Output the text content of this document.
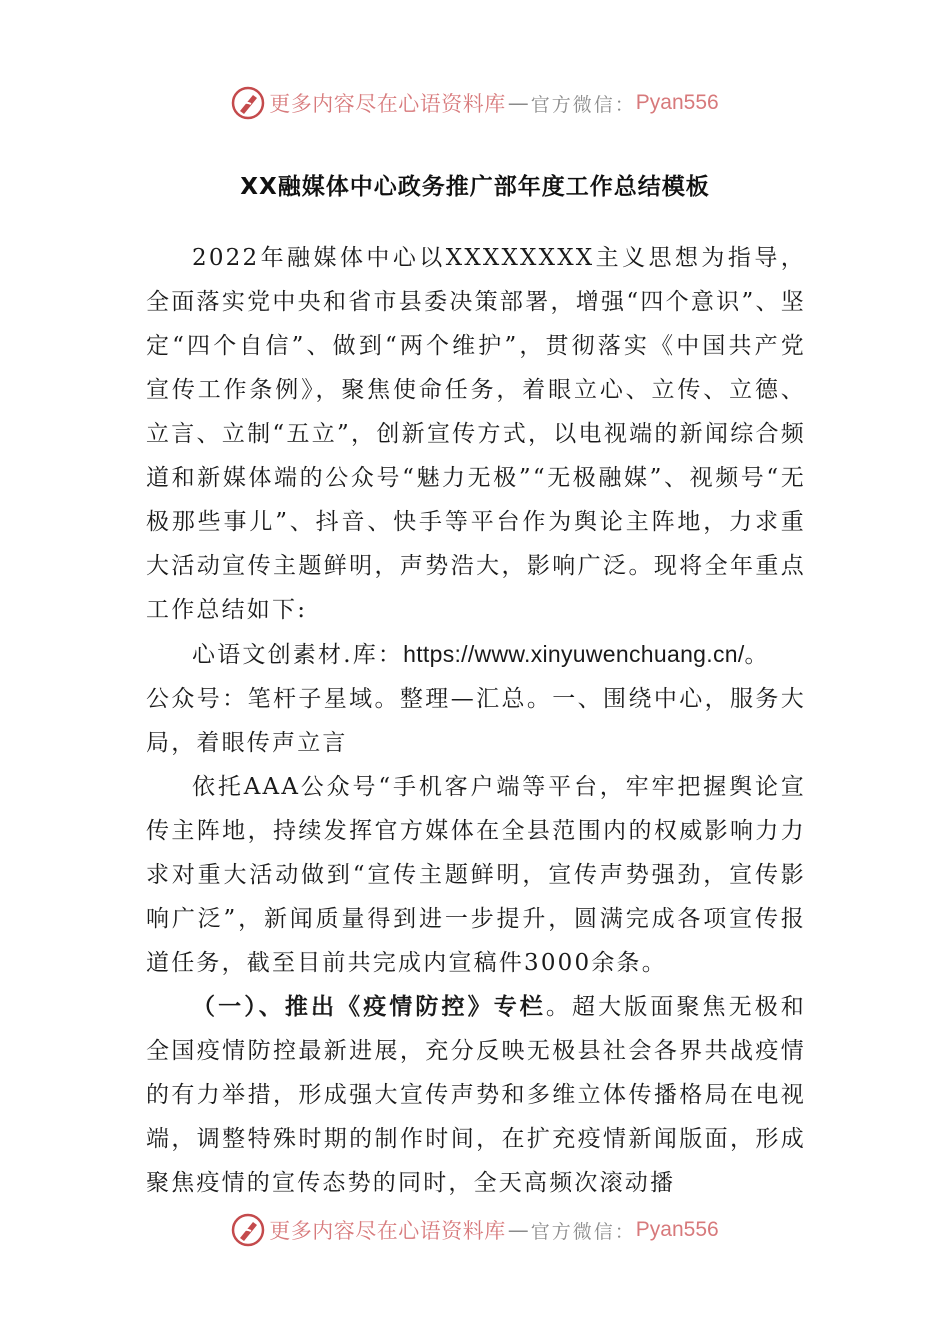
更多内容尽在心语资料库 — 官方微信： Pyan556
XX融媒体中心政务推广部年度工作总结模板

2022年融媒体中心以XXXXXXXX主义思想为指导，全面落实党中央和省市县委决策部署，增强“四个意识”、坚定“四个自信”、做到“两个维护”，贯彻落实《中国共产党宣传工作条例》，聚焦使命任务，着眼立心、立传、立德、立言、立制“五立”，创新宣传方式，以电视端的新闻综合频道和新媒体端的公众号“魅力无极”“无极融媒”、视频号“无极那些事儿”、抖音、快手等平台作为舆论主阵地，力求重大活动宣传主题鲜明，声势浩大，影响广泛。现将全年重点工作总结如下:

心语文创素材.库：https://www.xinyuwenchuang.cn/。

公众号：笔杆子星域。整理—汇总。一、围绕中心，服务大局，着眼传声立言

依托AAA公众号“手机客户端等平台，牢牢把握舆论宣传主阵地，持续发挥官方媒体在全县范围内的权威影响力力求对重大活动做到“宣传主题鲜明，宣传声势强劲，宣传影响广泛”，新闻质量得到进一步提升，圆满完成各项宣传报道任务，截至目前共完成内宣稿件3000余条。

（一）、推出《疫情防控》专栏。超大版面聚焦无极和全国疫情防控最新进展，充分反映无极县社会各界共战疫情的有力举措，形成强大宣传声势和多维立体传播格局在电视端，调整特殊时期的制作时间，在扩充疫情新闻版面，形成聚焦疫情的宣传态势的同时，全天高频次滚动播

更多内容尽在心语资料库 — 官方微信： Pyan556
